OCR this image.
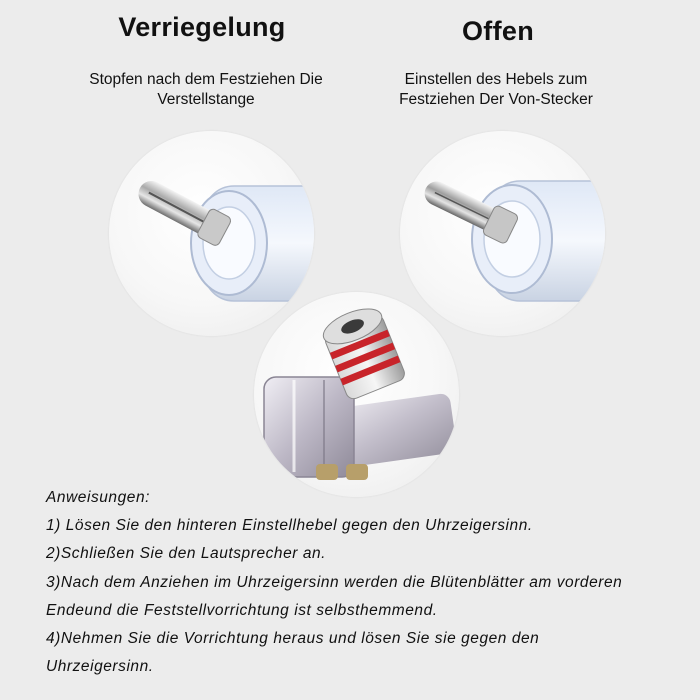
Verriegelung	Offen
Stopfen nach dem Festziehen Die
Verstellstange
Einstellen des Hebels zum
Festziehen Der Von-Stecker
Anweisungen:
1) Lösen Sie den hinteren Einstellhebel gegen den Uhrzeigersinn.
2)Schließen Sie den Lautsprecher an.
3)Nach dem Anziehen im Uhrzeigersinn werden die Blütenblätter am vorderen
Endeund die Feststellvorrichtung ist selbsthemmend.
4)Nehmen Sie die Vorrichtung heraus und lösen Sie sie gegen den
Uhrzeigersinn.
